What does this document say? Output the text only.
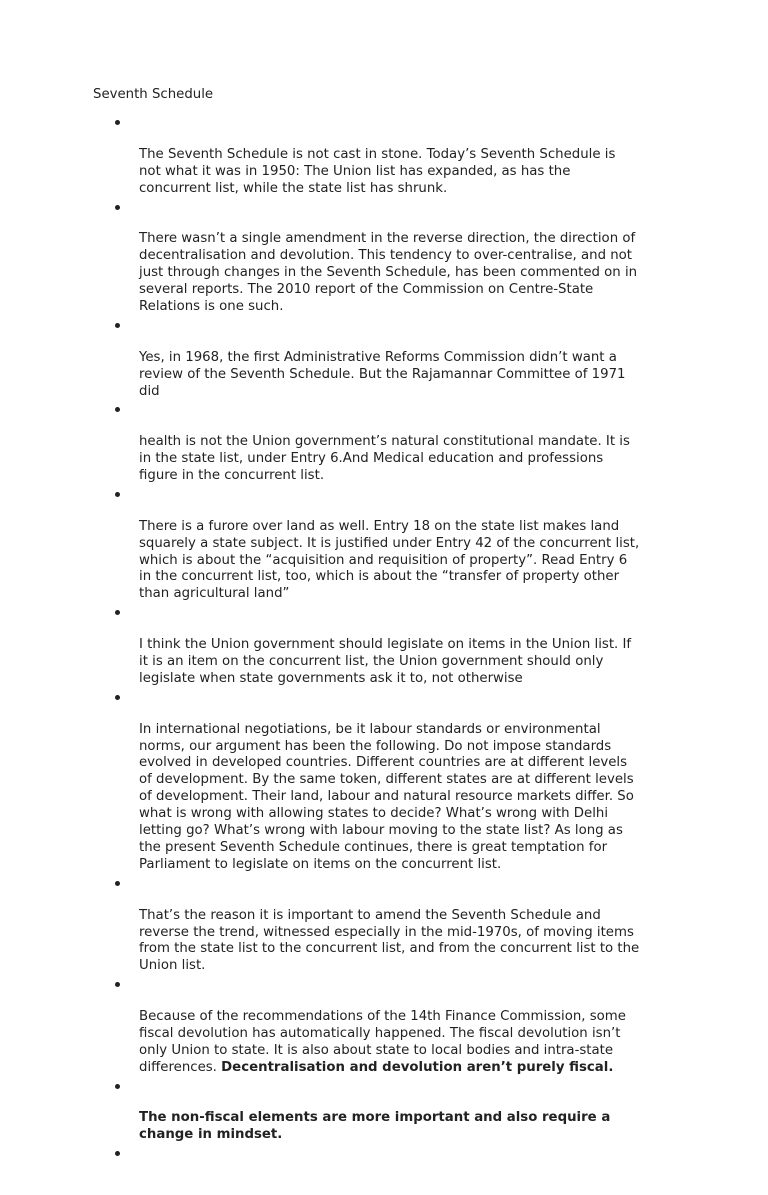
Seventh Schedule

The Seventh Schedule is not cast in stone. Today’s Seventh Schedule is
not what it was in 1950: The Union list has expanded, as has the
concurrent list, while the state list has shrunk.

There wasn’t a single amendment in the reverse direction, the direction of
decentralisation and devolution. This tendency to over-centralise, and not
just through changes in the Seventh Schedule, has been commented on in
several reports. The 2010 report of the Commission on Centre-State
Relations is one such.

Yes, in 1968, the first Administrative Reforms Commission didn’t want a
review of the Seventh Schedule. But the Rajamannar Committee of 1971
did

health is not the Union government’s natural constitutional mandate. It is
in the state list, under Entry 6.And Medical education and professions
figure in the concurrent list.

There is a furore over land as well. Entry 18 on the state list makes land
squarely a state subject. It is justified under Entry 42 of the concurrent list,
which is about the “acquisition and requisition of property”. Read Entry 6
in the concurrent list, too, which is about the “transfer of property other
than agricultural land”

I think the Union government should legislate on items in the Union list. If
it is an item on the concurrent list, the Union government should only
legislate when state governments ask it to, not otherwise

In international negotiations, be it labour standards or environmental
norms, our argument has been the following. Do not impose standards
evolved in developed countries. Different countries are at different levels
of development. By the same token, different states are at different levels
of development. Their land, labour and natural resource markets differ. So
what is wrong with allowing states to decide? What’s wrong with Delhi
letting go? What’s wrong with labour moving to the state list? As long as
the present Seventh Schedule continues, there is great temptation for
Parliament to legislate on items on the concurrent list.

That’s the reason it is important to amend the Seventh Schedule and
reverse the trend, witnessed especially in the mid-1970s, of moving items
from the state list to the concurrent list, and from the concurrent list to the
Union list.

Because of the recommendations of the 14th Finance Commission, some
fiscal devolution has automatically happened. The fiscal devolution isn’t
only Union to state. It is also about state to local bodies and intra-state
differences. Decentralisation and devolution aren’t purely fiscal.

The non-fiscal elements are more important and also require a
change in mindset.
